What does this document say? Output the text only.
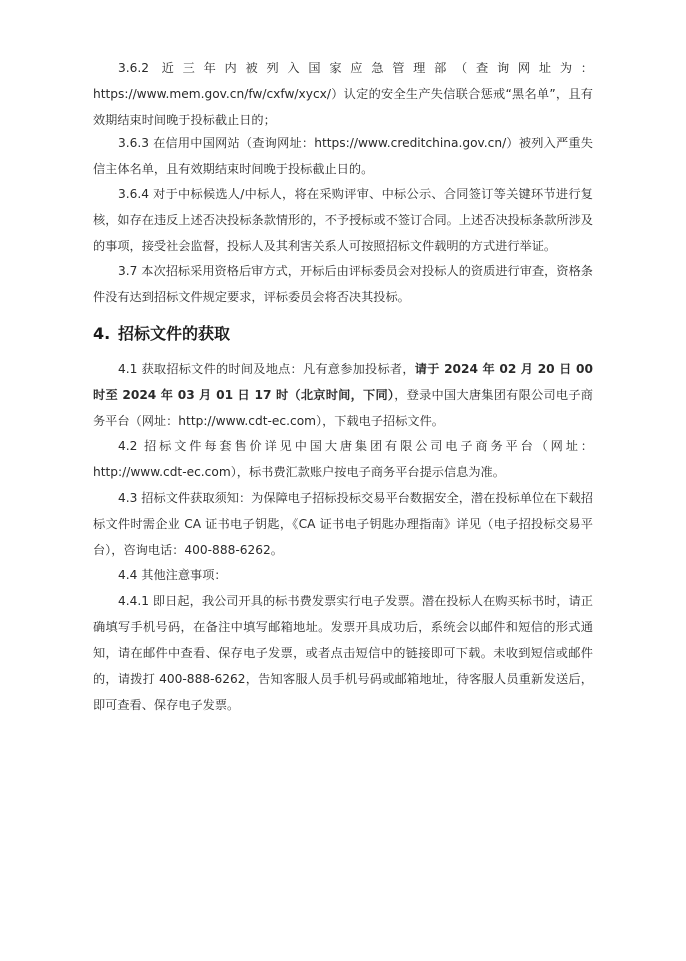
3.6.2 近三年内被列入国家应急管理部（查询网址为：https://www.mem.gov.cn/fw/cxfw/xycx/）认定的安全生产失信联合惩戒“黑名单”，且有效期结束时间晚于投标截止日的；

3.6.3 在信用中国网站（查询网址：https://www.creditchina.gov.cn/）被列入严重失信主体名单，且有效期结束时间晚于投标截止日的。

3.6.4 对于中标候选人/中标人，将在采购评审、中标公示、合同签订等关键环节进行复核，如存在违反上述否决投标条款情形的，不予授标或不签订合同。上述否决投标条款所涉及的事项，接受社会监督，投标人及其利害关系人可按照招标文件载明的方式进行举证。

3.7 本次招标采用资格后审方式，开标后由评标委员会对投标人的资质进行审查，资格条件没有达到招标文件规定要求，评标委员会将否决其投标。

4. 招标文件的获取

4.1 获取招标文件的时间及地点：凡有意参加投标者，请于 2024 年 02 月 20 日 00 时至 2024 年 03 月 01 日 17 时（北京时间，下同），登录中国大唐集团有限公司电子商务平台（网址：http://www.cdt-ec.com），下载电子招标文件。

4.2 招标文件每套售价详见中国大唐集团有限公司电子商务平台（网址：http://www.cdt-ec.com），标书费汇款账户按电子商务平台提示信息为准。

4.3 招标文件获取须知：为保障电子招标投标交易平台数据安全，潜在投标单位在下载招标文件时需企业 CA 证书电子钥匙，《CA 证书电子钥匙办理指南》详见（电子招投标交易平台），咨询电话：400-888-6262。

4.4 其他注意事项：

4.4.1 即日起，我公司开具的标书费发票实行电子发票。潜在投标人在购买标书时，请正确填写手机号码，在备注中填写邮箱地址。发票开具成功后，系统会以邮件和短信的形式通知，请在邮件中查看、保存电子发票，或者点击短信中的链接即可下载。未收到短信或邮件的，请拨打 400-888-6262，告知客服人员手机号码或邮箱地址，待客服人员重新发送后，即可查看、保存电子发票。
